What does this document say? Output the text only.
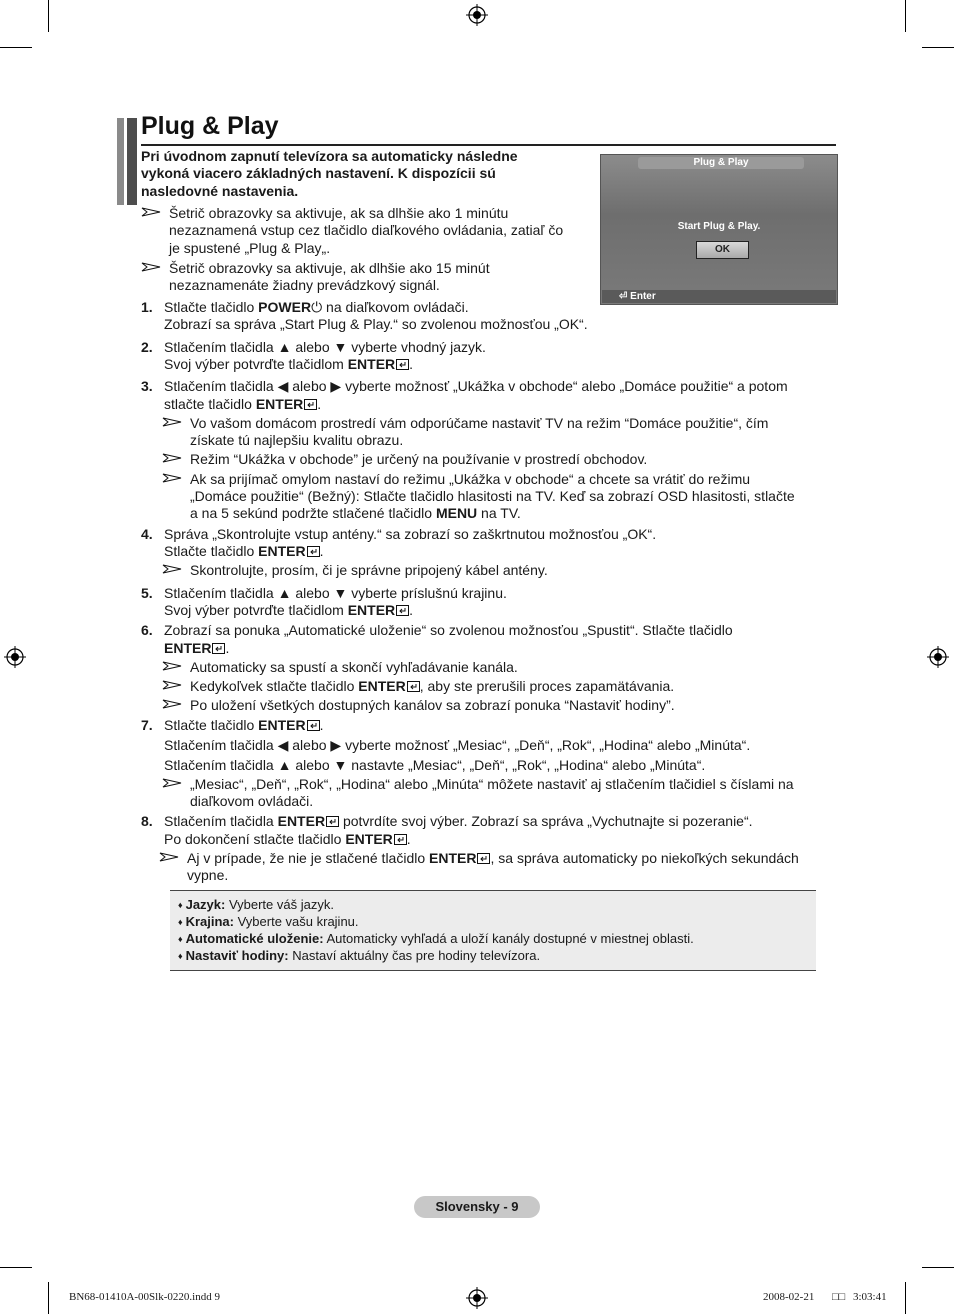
Plug & Play
Pri úvodnom zapnutí televízora sa automaticky následne
vykoná viacero základných nastavení. K dispozícii sú
nasledovné nastavenia.
Šetrič obrazovky sa aktivuje, ak sa dlhšie ako 1 minútu
nezaznamená vstup cez tlačidlo diaľkového ovládania, zatiaľ čo
je spustené „Plug & Play„.
Šetrič obrazovky sa aktivuje, ak dlhšie ako 15 minút
nezaznamenáte žiadny prevádzkový signál.
Plug & Play
Start Plug & Play.
OK
⏎ Enter
1. Stlačte tlačidlo POWER⏻ na diaľkovom ovládači.
Zobrazí sa správa „Start Plug & Play.“ so zvolenou možnosťou „OK“.
2. Stlačením tlačidla ▲ alebo ▼ vyberte vhodný jazyk.
Svoj výber potvrďte tlačidlom ENTER .
3. Stlačením tlačidla ◀ alebo ▶ vyberte možnosť „Ukážka v obchode“ alebo „Domáce použitie“ a potom
stlačte tlačidlo ENTER .
Vo vašom domácom prostredí vám odporúčame nastaviť TV na režim “Domáce použitie“, čím
získate tú najlepšiu kvalitu obrazu.
Režim “Ukážka v obchode” je určený na používanie v prostredí obchodov.
Ak sa prijímač omylom nastaví do režimu „Ukážka v obchode“ a chcete sa vrátiť do režimu
„Domáce použitie“ (Bežný): Stlačte tlačidlo hlasitosti na TV. Keď sa zobrazí OSD hlasitosti, stlačte
a na 5 sekúnd podržte stlačené tlačidlo MENU na TV.
4. Správa „Skontrolujte vstup antény.“ sa zobrazí so zaškrtnutou možnosťou „OK“.
Stlačte tlačidlo ENTER .
Skontrolujte, prosím, či je správne pripojený kábel antény.
5. Stlačením tlačidla ▲ alebo ▼ vyberte príslušnú krajinu.
Svoj výber potvrďte tlačidlom ENTER .
6. Zobrazí sa ponuka „Automatické uloženie“ so zvolenou možnosťou „Spustit“. Stlačte tlačidlo
ENTER .
Automaticky sa spustí a skončí vyhľadávanie kanála.
Kedykoľvek stlačte tlačidlo ENTER , aby ste prerušili proces zapamätávania.
Po uložení všetkých dostupných kanálov sa zobrazí ponuka “Nastaviť hodiny”.
7. Stlačte tlačidlo ENTER .
Stlačením tlačidla ◀ alebo ▶ vyberte možnosť „Mesiac“, „Deň“, „Rok“, „Hodina“ alebo „Minúta“.
Stlačením tlačidla ▲ alebo ▼ nastavte „Mesiac“, „Deň“, „Rok“, „Hodina“ alebo „Minúta“.
„Mesiac“, „Deň“, „Rok“, „Hodina“ alebo „Minúta“ môžete nastaviť aj stlačením tlačidiel s číslami na
diaľkovom ovládači.
8. Stlačením tlačidla ENTER potvrdíte svoj výber. Zobrazí sa správa „Vychutnajte si pozeranie“.
Po dokončení stlačte tlačidlo ENTER .
Aj v prípade, že nie je stlačené tlačidlo ENTER , sa správa automaticky po niekoľkých sekundách
vypne.
♦ Jazyk: Vyberte váš jazyk.
♦ Krajina: Vyberte vašu krajinu.
♦ Automatické uloženie: Automaticky vyhľadá a uloží kanály dostupné v miestnej oblasti.
♦ Nastaviť hodiny: Nastaví aktuálny čas pre hodiny televízora.
Slovensky - 9
BN68-01410A-00Slk-0220.indd 9	2008-02-21 □□ 3:03:41
